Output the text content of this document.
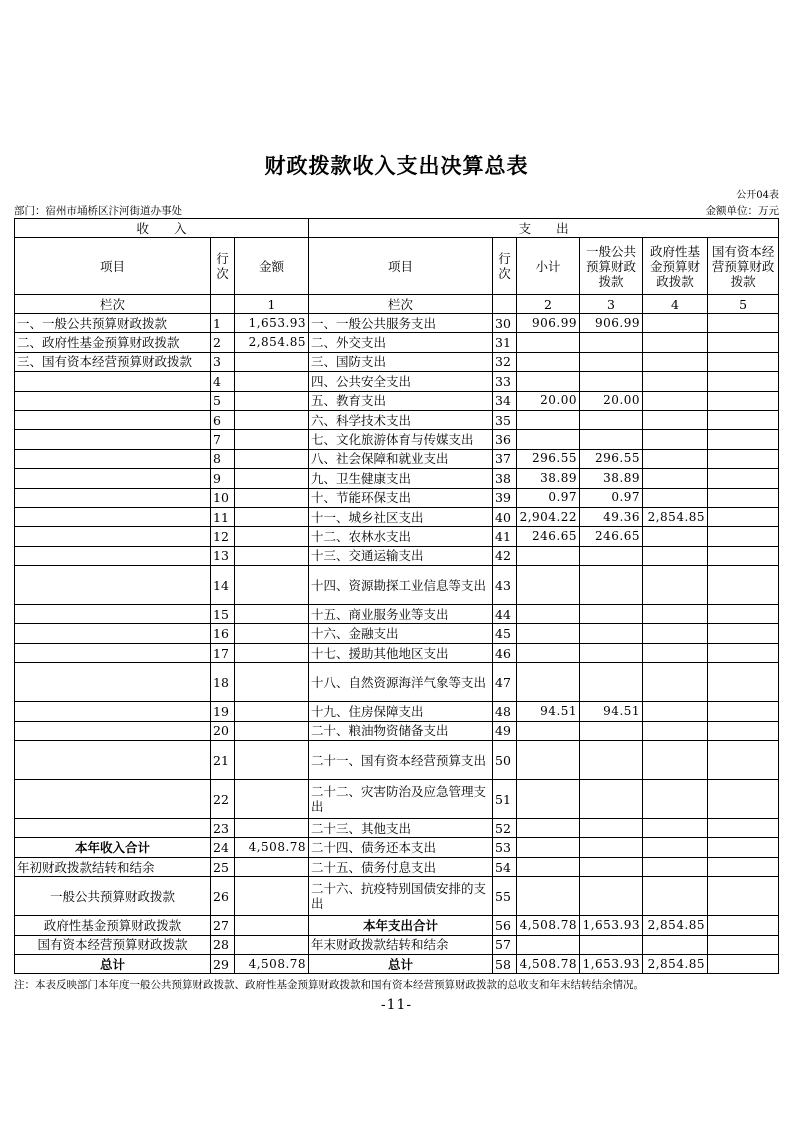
财政拨款收入支出决算总表
公开04表
部门：宿州市埇桥区汴河街道办事处	金额单位：万元
收　　入			支　　出					
项目	行次	金额	项目	行次	小计	一般公共预算财政拨款	政府性基金预算财政拨款	国有资本经营预算财政拨款
栏次		1	栏次		2	3	4	5
一、一般公共预算财政拨款	1	1,653.93	一、一般公共服务支出	30	906.99	906.99		
二、政府性基金预算财政拨款	2	2,854.85	二、外交支出	31				
三、国有资本经营预算财政拨款	3		三、国防支出	32				
	4		四、公共安全支出	33				
	5		五、教育支出	34	20.00	20.00		
	6		六、科学技术支出	35				
	7		七、文化旅游体育与传媒支出	36				
	8		八、社会保障和就业支出	37	296.55	296.55		
	9		九、卫生健康支出	38	38.89	38.89		
	10		十、节能环保支出	39	0.97	0.97		
	11		十一、城乡社区支出	40	2,904.22	49.36	2,854.85	
	12		十二、农林水支出	41	246.65	246.65		
	13		十三、交通运输支出	42				
	14		十四、资源勘探工业信息等支出	43				
	15		十五、商业服务业等支出	44				
	16		十六、金融支出	45				
	17		十七、援助其他地区支出	46				
	18		十八、自然资源海洋气象等支出	47				
	19		十九、住房保障支出	48	94.51	94.51		
	20		二十、粮油物资储备支出	49				
	21		二十一、国有资本经营预算支出	50				
	22		二十二、灾害防治及应急管理支出	51				
	23		二十三、其他支出	52				
本年收入合计	24	4,508.78	二十四、债务还本支出	53				
年初财政拨款结转和结余	25		二十五、债务付息支出	54				
一般公共预算财政拨款	26		二十六、抗疫特别国债安排的支出	55				
政府性基金预算财政拨款	27		本年支出合计	56	4,508.78	1,653.93	2,854.85	
国有资本经营预算财政拨款	28		年末财政拨款结转和结余	57				
总计	29	4,508.78	总计	58	4,508.78	1,653.93	2,854.85	
注：本表反映部门本年度一般公共预算财政拨款、政府性基金预算财政拨款和国有资本经营预算财政拨款的总收支和年末结转结余情况。
-11-
